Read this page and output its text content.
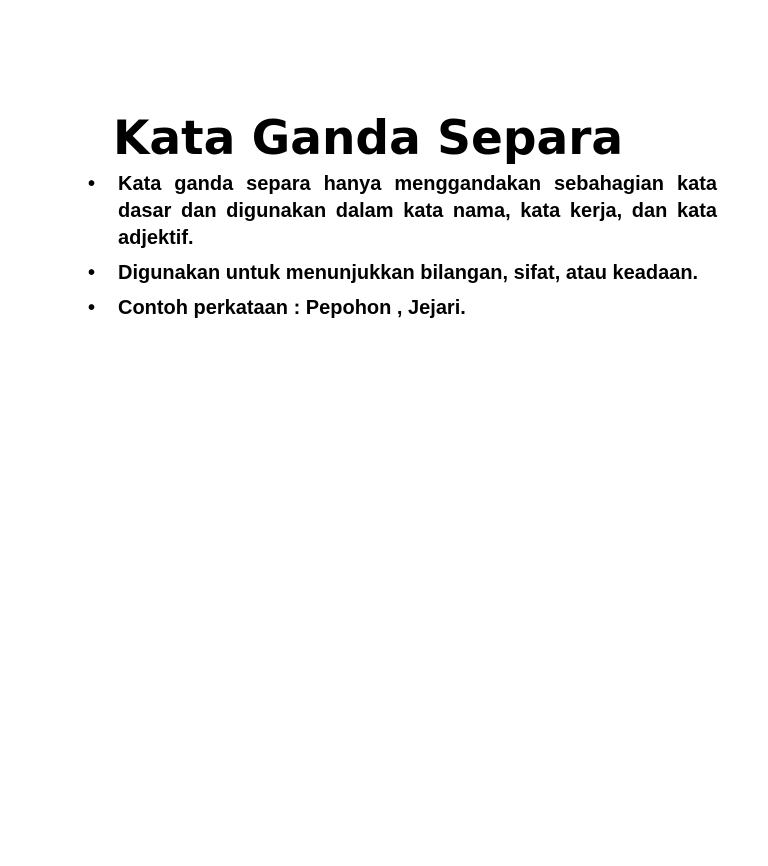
Kata Ganda Separa
•	Kata ganda separa hanya menggandakan sebahagian kata dasar dan digunakan dalam kata nama, kata kerja, dan kata adjektif.
•	Digunakan untuk menunjukkan bilangan, sifat, atau keadaan.
•	Contoh perkataan : Pepohon , Jejari.
